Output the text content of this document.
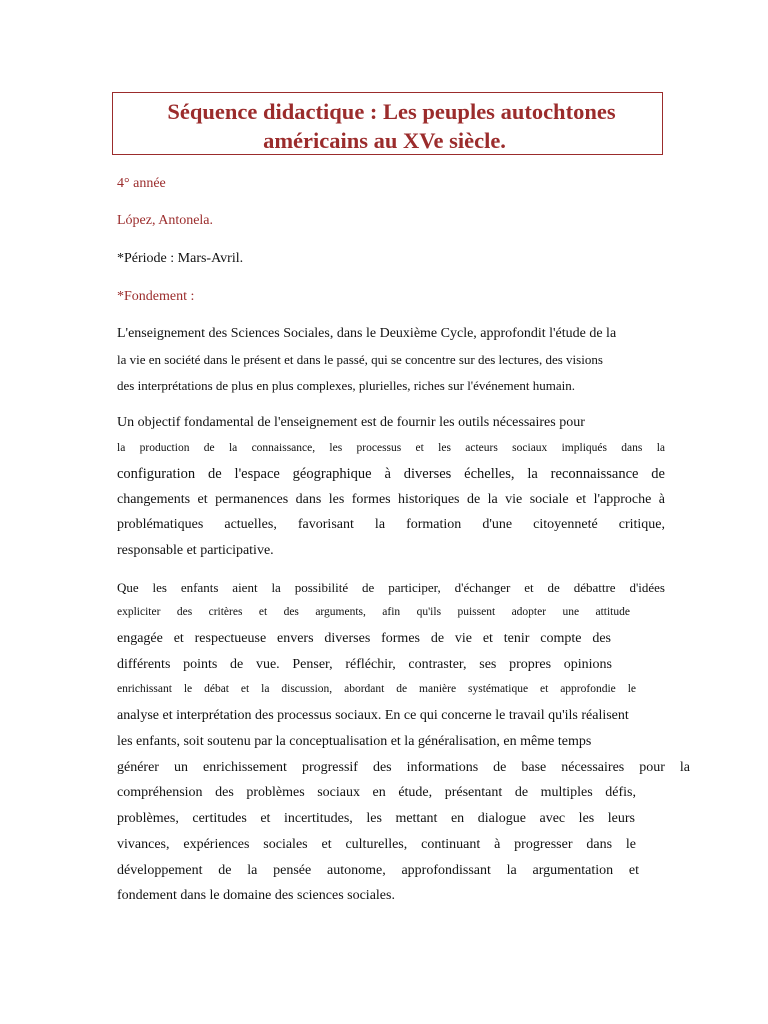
Séquence didactique : Les peuples autochtones
américains au XVe siècle.
4° année
López, Antonela.
*Période : Mars-Avril.
*Fondement :
L'enseignement des Sciences Sociales, dans le Deuxième Cycle, approfondit l'étude de la
la vie en société dans le présent et dans le passé, qui se concentre sur des lectures, des visions
des interprétations de plus en plus complexes, plurielles, riches sur l'événement humain.
Un objectif fondamental de l'enseignement est de fournir les outils nécessaires pour
la production de la connaissance, les processus et les acteurs sociaux impliqués dans la
configuration de l'espace géographique à diverses échelles, la reconnaissance de
changements et permanences dans les formes historiques de la vie sociale et l'approche à
problématiques actuelles, favorisant la formation d'une citoyenneté critique,
responsable et participative.
Que les enfants aient la possibilité de participer, d'échanger et de débattre d'idées
expliciter des critères et des arguments, afin qu'ils puissent adopter une attitude
engagée et respectueuse envers diverses formes de vie et tenir compte des
différents points de vue. Penser, réfléchir, contraster, ses propres opinions
enrichissant le débat et la discussion, abordant de manière systématique et approfondie le
analyse et interprétation des processus sociaux. En ce qui concerne le travail qu'ils réalisent
les enfants, soit soutenu par la conceptualisation et la généralisation, en même temps
générer un enrichissement progressif des informations de base nécessaires pour la
compréhension des problèmes sociaux en étude, présentant de multiples défis,
problèmes, certitudes et incertitudes, les mettant en dialogue avec les leurs
vivances, expériences sociales et culturelles, continuant à progresser dans le
développement de la pensée autonome, approfondissant la argumentation et
fondement dans le domaine des sciences sociales.
